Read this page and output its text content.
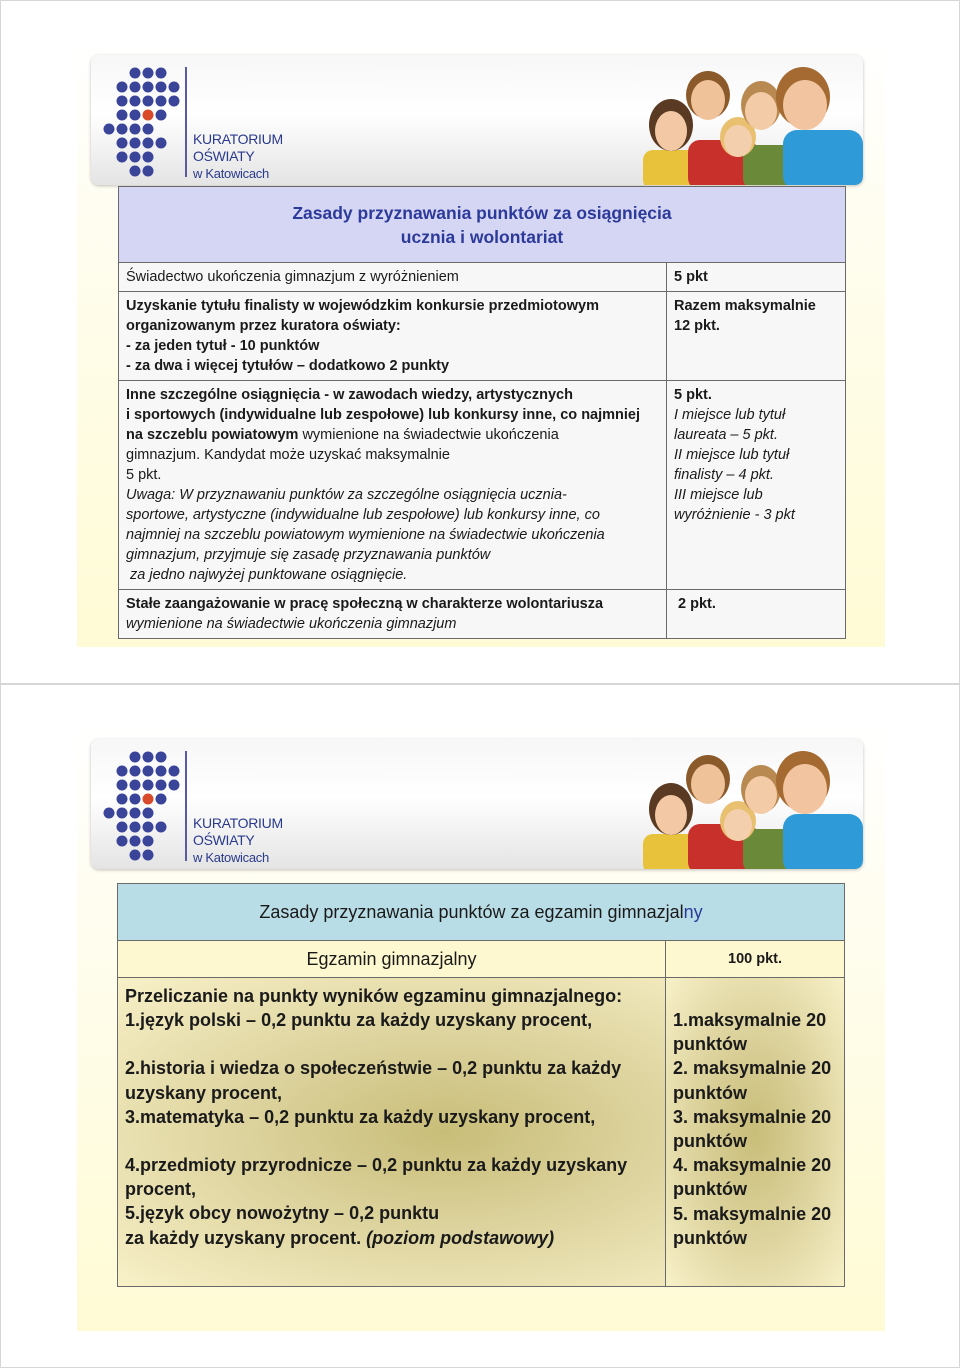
KURATORIUM
OŚWIATY
w Katowicach
Zasady przyznawania punktów za osiągnięcia
ucznia i wolontariat
Świadectwo ukończenia gimnazjum z wyróżnieniem	5 pkt
Uzyskanie tytułu finalisty w wojewódzkim konkursie przedmiotowym
organizowanym przez kuratora oświaty:
- za jeden tytuł - 10 punktów
- za dwa i więcej tytułów – dodatkowo 2 punkty
Razem maksymalnie
12 pkt.
Inne szczególne osiągnięcia - w zawodach wiedzy, artystycznych
i sportowych (indywidualne lub zespołowe) lub konkursy inne, co najmniej
na szczeblu powiatowym wymienione na świadectwie ukończenia
gimnazjum. Kandydat może uzyskać maksymalnie
5 pkt.
Uwaga: W przyznawaniu punktów za szczególne osiągnięcia ucznia-
sportowe, artystyczne (indywidualne lub zespołowe) lub konkursy inne, co
najmniej na szczeblu powiatowym wymienione na świadectwie ukończenia
gimnazjum, przyjmuje się zasadę przyznawania punktów
za jedno najwyżej punktowane osiągnięcie.
5 pkt.
I miejsce lub tytuł
laureata – 5 pkt.
II miejsce lub tytuł
finalisty – 4 pkt.
III miejsce lub
wyróżnienie - 3 pkt
Stałe zaangażowanie w pracę społeczną w charakterze wolontariusza
wymienione na świadectwie ukończenia gimnazjum
2 pkt.
KURATORIUM
OŚWIATY
w Katowicach
Zasady przyznawania punktów za egzamin gimnazjal ny
Egzamin gimnazjalny	100 pkt.
Przeliczanie na punkty wyników egzaminu gimnazjalnego:
1.język polski – 0,2 punktu za każdy uzyskany procent,
2.historia i wiedza o społeczeństwie – 0,2 punktu za każdy
uzyskany procent,
3.matematyka – 0,2 punktu za każdy uzyskany procent,
4.przedmioty przyrodnicze – 0,2 punktu za każdy uzyskany
procent,
5.język obcy nowożytny – 0,2 punktu
za każdy uzyskany procent. (poziom podstawowy)
1.maksymalnie 20
punktów
2. maksymalnie 20
punktów
3. maksymalnie 20
punktów
4. maksymalnie 20
punktów
5. maksymalnie 20
punktów
